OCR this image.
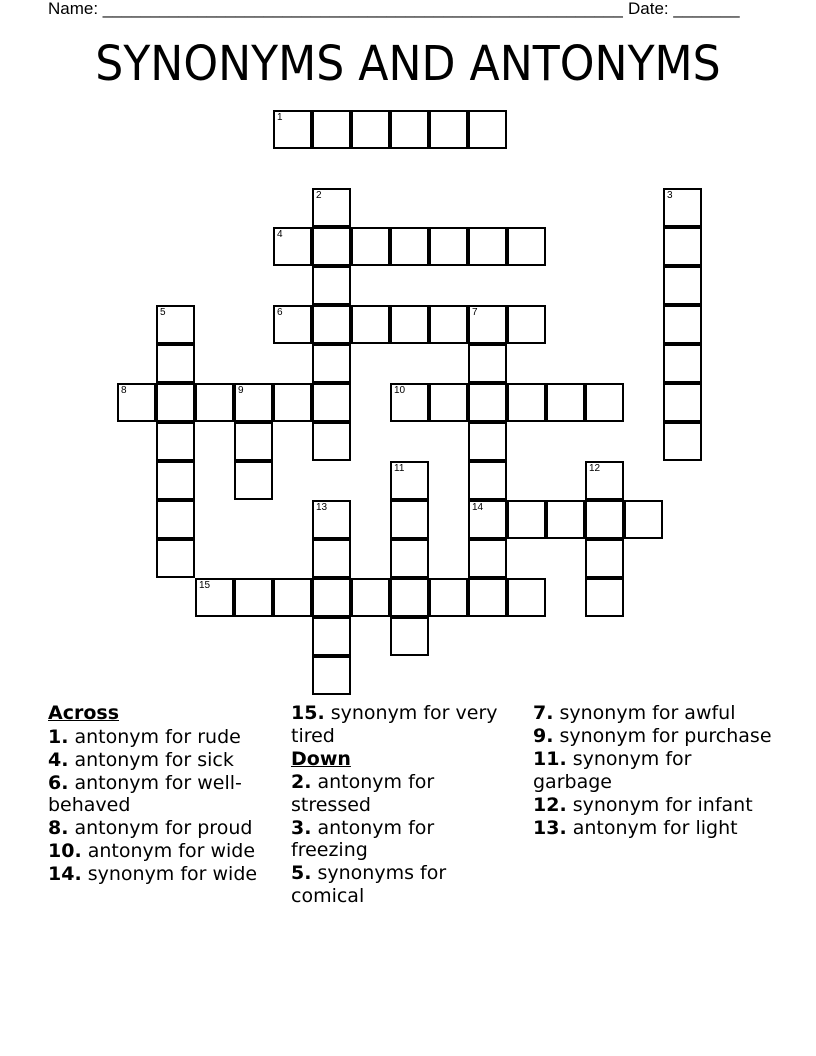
Name: _______________________________________________________ Date: _______
SYNONYMS AND ANTONYMS
1
2	3
4
5	6	7
8	9	10
11	12
13	14
15
Across
1. antonym for rude
4. antonym for sick
6. antonym for well-behaved
8. antonym for proud
10. antonym for wide
14. synonym for wide
15. synonym for very tired
Down
2. antonym for stressed
3. antonym for freezing
5. synonyms for comical
7. synonym for awful
9. synonym for purchase
11. synonym for garbage
12. synonym for infant
13. antonym for light
